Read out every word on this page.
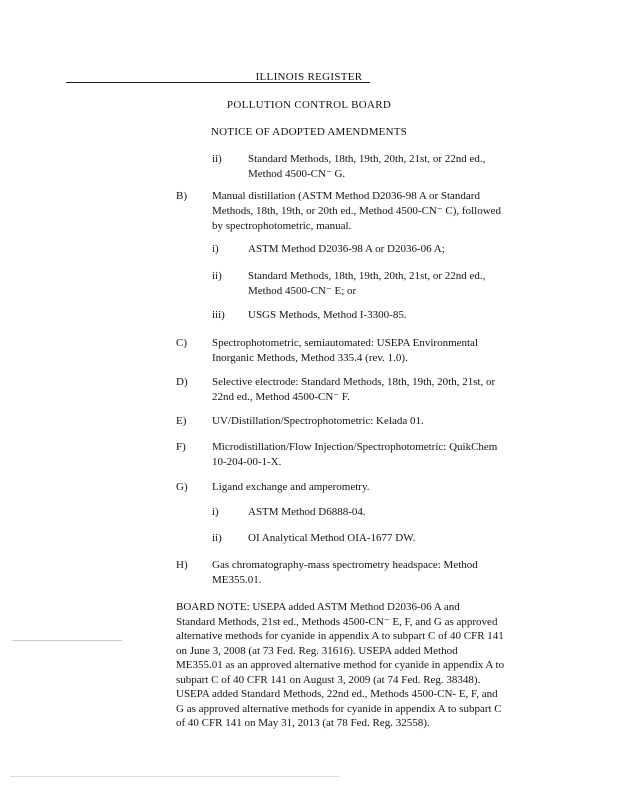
ILLINOIS REGISTER
POLLUTION CONTROL BOARD
NOTICE OF ADOPTED AMENDMENTS
ii) Standard Methods, 18th, 19th, 20th, 21st, or 22nd ed.,
Method 4500-CN⁻ G.
B) Manual distillation (ASTM Method D2036-98 A or Standard
Methods, 18th, 19th, or 20th ed., Method 4500-CN⁻ C), followed
by spectrophotometric, manual.
i)	ASTM Method D2036-98 A or D2036-06 A;
ii) Standard Methods, 18th, 19th, 20th, 21st, or 22nd ed.,
Method 4500-CN⁻ E; or
iii) USGS Methods, Method I-3300-85.
C) Spectrophotometric, semiautomated: USEPA Environmental
Inorganic Methods, Method 335.4 (rev. 1.0).
D) Selective electrode: Standard Methods, 18th, 19th, 20th, 21st, or
22nd ed., Method 4500-CN⁻ F.
E) UV/Distillation/Spectrophotometric: Kelada 01.
F) Microdistillation/Flow Injection/Spectrophotometric: QuikChem
10-204-00-1-X.
G) Ligand exchange and amperometry.
i)	ASTM Method D6888-04.
ii) OI Analytical Method OIA-1677 DW.
H) Gas chromatography-mass spectrometry headspace: Method
ME355.01.
BOARD NOTE: USEPA added ASTM Method D2036-06 A and
Standard Methods, 21st ed., Methods 4500-CN⁻ E, F, and G as approved
alternative methods for cyanide in appendix A to subpart C of 40 CFR 141
on June 3, 2008 (at 73 Fed. Reg. 31616). USEPA added Method
ME355.01 as an approved alternative method for cyanide in appendix A to
subpart C of 40 CFR 141 on August 3, 2009 (at 74 Fed. Reg. 38348).
USEPA added Standard Methods, 22nd ed., Methods 4500-CN- E, F, and
G as approved alternative methods for cyanide in appendix A to subpart C
of 40 CFR 141 on May 31, 2013 (at 78 Fed. Reg. 32558).
